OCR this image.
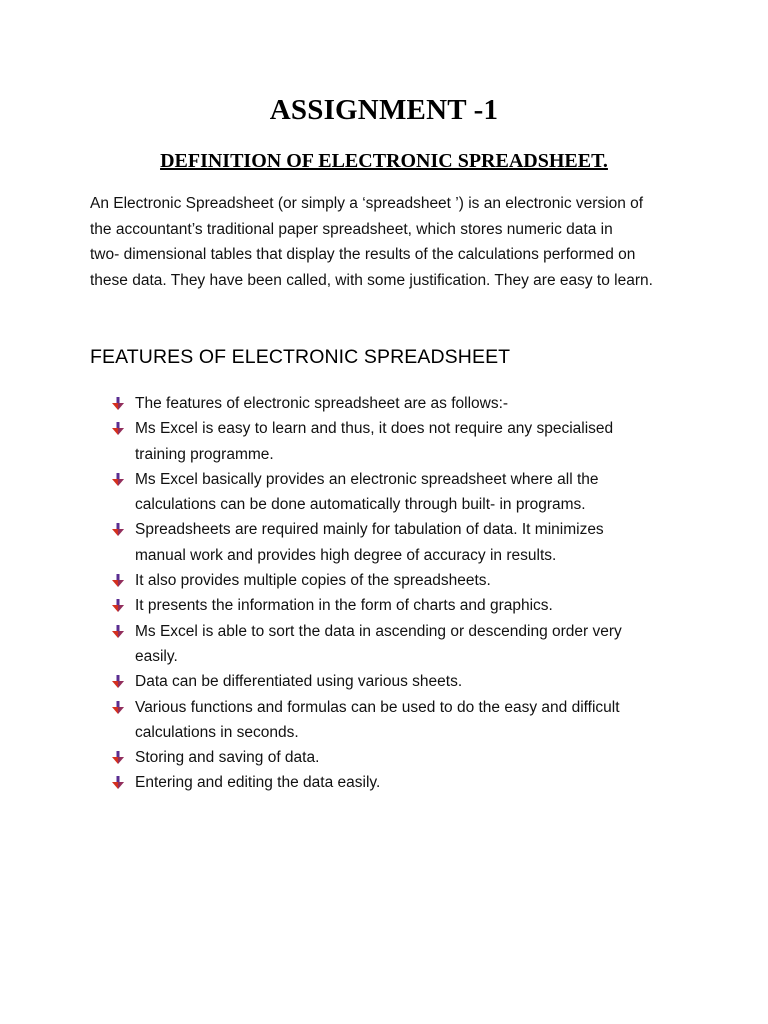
ASSIGNMENT -1
DEFINITION OF ELECTRONIC SPREADSHEET.

An Electronic Spreadsheet (or simply a ‘spreadsheet ’) is an electronic version of
the accountant’s traditional paper spreadsheet, which stores numeric data in
two- dimensional tables that display the results of the calculations performed on
these data. They have been called, with some justification. They are easy to learn.

FEATURES OF ELECTRONIC SPREADSHEET
The features of electronic spreadsheet are as follows:-
Ms Excel is easy to learn and thus, it does not require any specialised
training programme.
Ms Excel basically provides an electronic spreadsheet where all the
calculations can be done automatically through built- in programs.
Spreadsheets are required mainly for tabulation of data. It minimizes
manual work and provides high degree of accuracy in results.
It also provides multiple copies of the spreadsheets.
It presents the information in the form of charts and graphics.
Ms Excel is able to sort the data in ascending or descending order very
easily.
Data can be differentiated using various sheets.
Various functions and formulas can be used to do the easy and difficult
calculations in seconds.
Storing and saving of data.
Entering and editing the data easily.
